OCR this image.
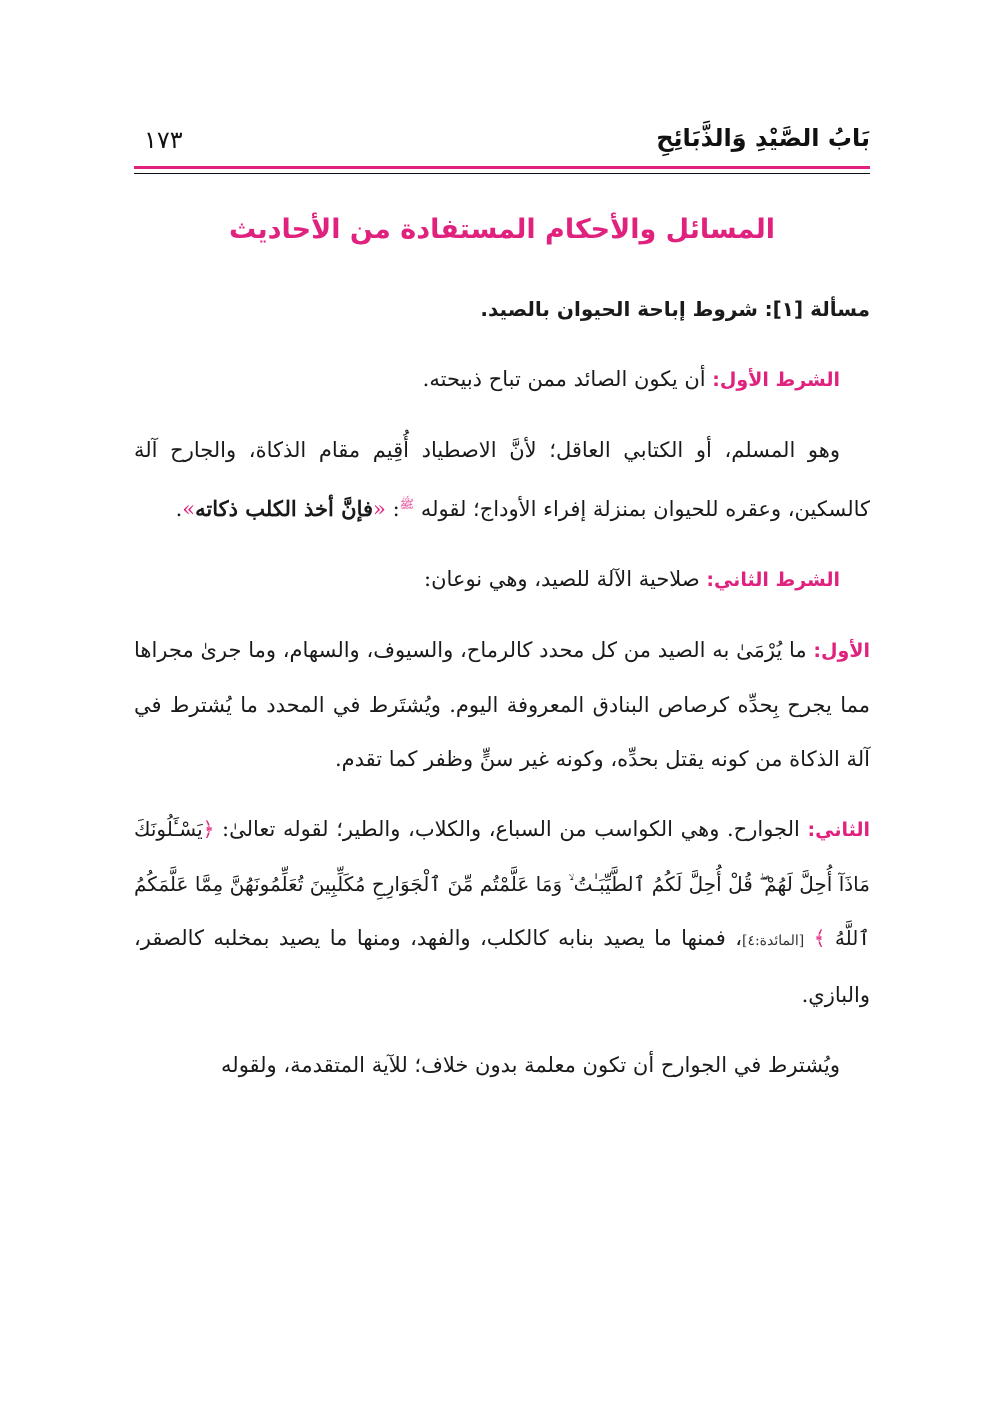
بَابُ الصَّيْدِ وَالذَّبَائِحِ
١٧٣
المسائل والأحكام المستفادة من الأحاديث

مسألة [١]: شروط إباحة الحيوان بالصيد.

الشرط الأول: أن يكون الصائد ممن تباح ذبيحته.

وهو المسلم، أو الكتابي العاقل؛ لأنَّ الاصطياد أُقِيم مقام الذكاة، والجارح آلة كالسكين، وعقره للحيوان بمنزلة إفراء الأوداج؛ لقوله $^ﷺ$: «فإنَّ أخذ الكلب ذكاته».

الشرط الثاني: صلاحية الآلة للصيد، وهي نوعان:

الأول: ما يُرْمَىٰ به الصيد من كل محدد كالرماح، والسيوف، والسهام، وما جرىٰ مجراها مما يجرح بِحدِّه كرصاص البنادق المعروفة اليوم. ويُشتَرط في المحدد ما يُشترط في آلة الذكاة من كونه يقتل بحدِّه، وكونه غير سنٍّ وظفر كما تقدم.

الثاني: الجوارح. وهي الكواسب من السباع، والكلاب، والطير؛ لقوله تعالىٰ: ﴿يَسْـَٔلُونَكَ مَاذَآ أُحِلَّ لَهُمْ ۖ قُلْ أُحِلَّ لَكُمُ ٱلطَّيِّبَـٰتُ ۙ وَمَا عَلَّمْتُم مِّنَ ٱلْجَوَارِحِ مُكَلِّبِينَ تُعَلِّمُونَهُنَّ مِمَّا عَلَّمَكُمُ ٱللَّهُ ﴾ [المائدة:٤]، فمنها ما يصيد بنابه كالكلب، والفهد، ومنها ما يصيد بمخلبه كالصقر، والبازي.

ويُشترط في الجوارح أن تكون معلمة بدون خلاف؛ للآية المتقدمة، ولقوله
